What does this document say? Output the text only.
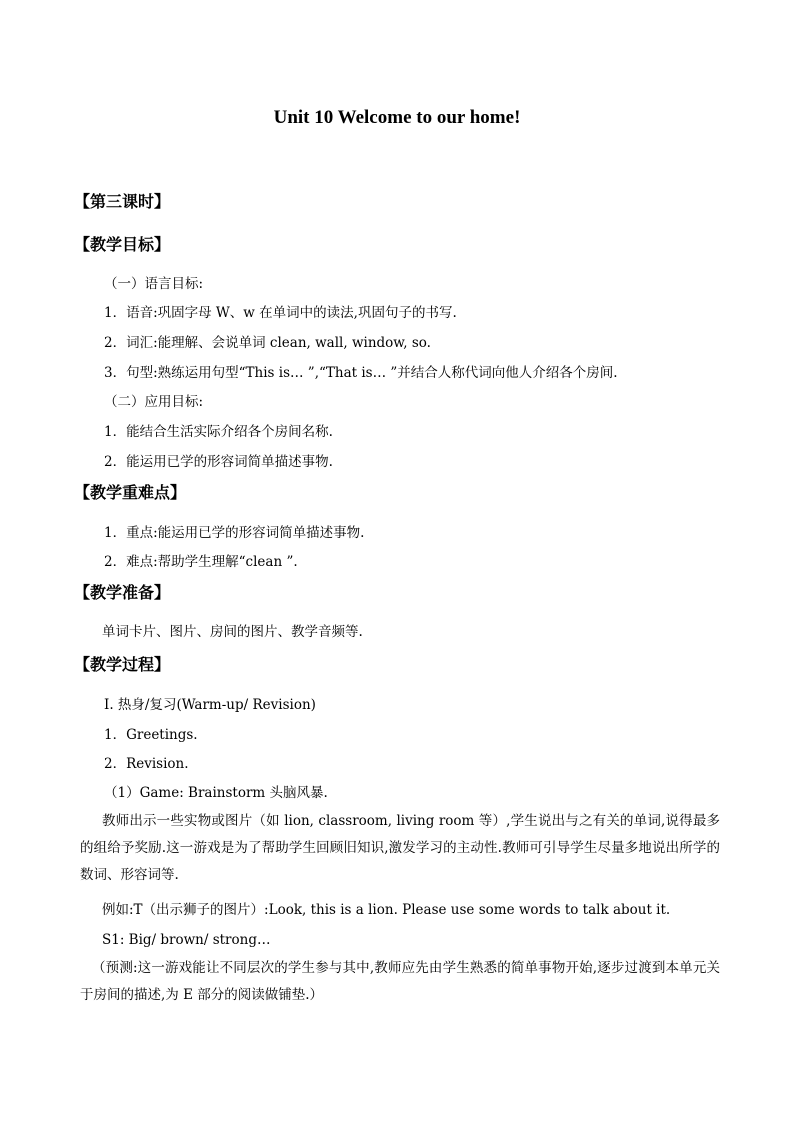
Unit 10 Welcome to our home!
【第三课时】
【教学目标】
（一）语言目标:
1．语音:巩固字母 W、w 在单词中的读法,巩固句子的书写.
2．词汇:能理解、会说单词 clean, wall, window, so.
3．句型:熟练运用句型“This is… ”,“That is… ”并结合人称代词向他人介绍各个房间.
（二）应用目标:
1．能结合生活实际介绍各个房间名称.
2．能运用已学的形容词简单描述事物.
【教学重难点】
1．重点:能运用已学的形容词简单描述事物.
2．难点:帮助学生理解“clean ”.
【教学准备】
单词卡片、图片、房间的图片、教学音频等.
【教学过程】
I. 热身/复习(Warm-up/ Revision)
1．Greetings.
2．Revision.
（1）Game: Brainstorm 头脑风暴.
教师出示一些实物或图片（如 lion, classroom, living room 等）,学生说出与之有关的单词,说得最多的组给予奖励.这一游戏是为了帮助学生回顾旧知识,激发学习的主动性.教师可引导学生尽量多地说出所学的数词、形容词等.
例如:T（出示狮子的图片）:Look, this is a lion. Please use some words to talk about it.
S1: Big/ brown/ strong…
（预测:这一游戏能让不同层次的学生参与其中,教师应先由学生熟悉的简单事物开始,逐步过渡到本单元关于房间的描述,为 E 部分的阅读做铺垫.）
